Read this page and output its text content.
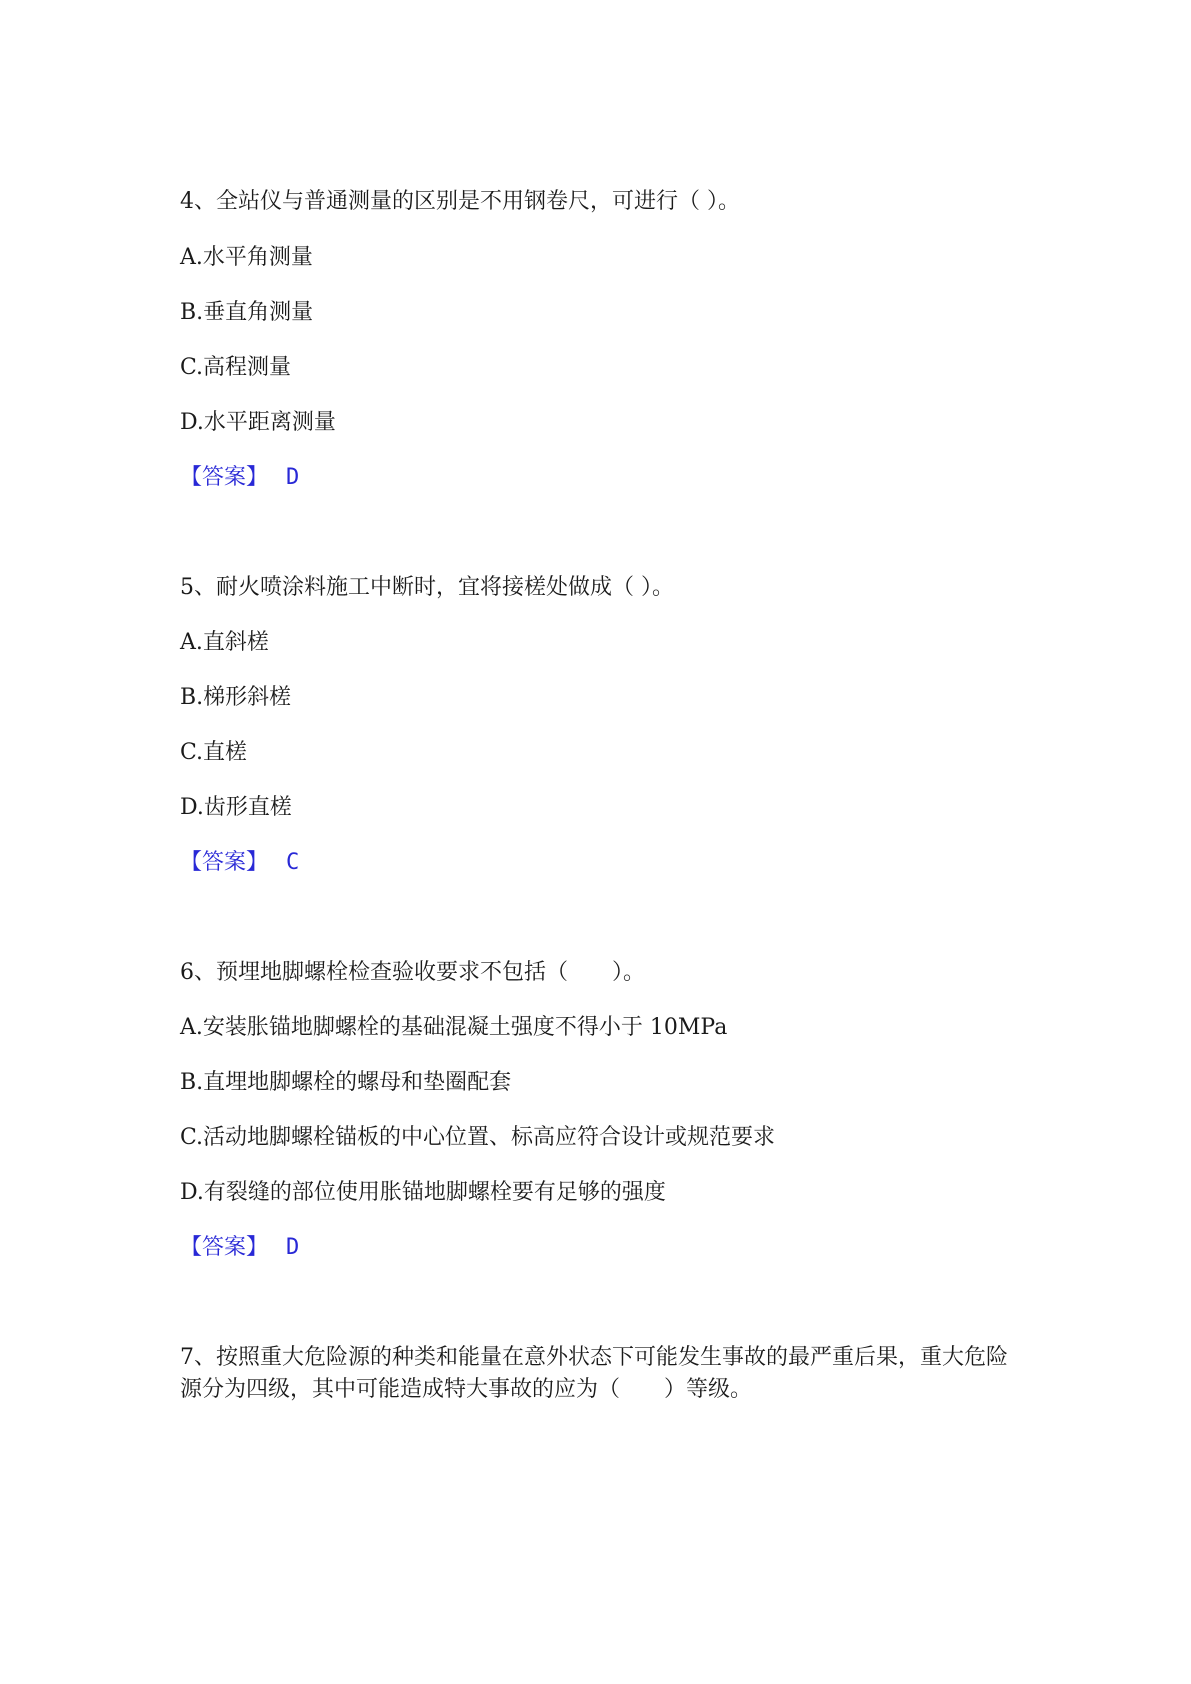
4、全站仪与普通测量的区别是不用钢卷尺，可进行（ ）。
A.水平角测量
B.垂直角测量
C.高程测量
D.水平距离测量
【答案】 D
5、耐火喷涂料施工中断时，宜将接槎处做成（ ）。
A.直斜槎
B.梯形斜槎
C.直槎
D.齿形直槎
【答案】 C
6、预埋地脚螺栓检查验收要求不包括（　　）。
A.安装胀锚地脚螺栓的基础混凝土强度不得小于 10MPa
B.直埋地脚螺栓的螺母和垫圈配套
C.活动地脚螺栓锚板的中心位置、标高应符合设计或规范要求
D.有裂缝的部位使用胀锚地脚螺栓要有足够的强度
【答案】 D
7、按照重大危险源的种类和能量在意外状态下可能发生事故的最严重后果，重大危险源分为四级，其中可能造成特大事故的应为（　　）等级。
